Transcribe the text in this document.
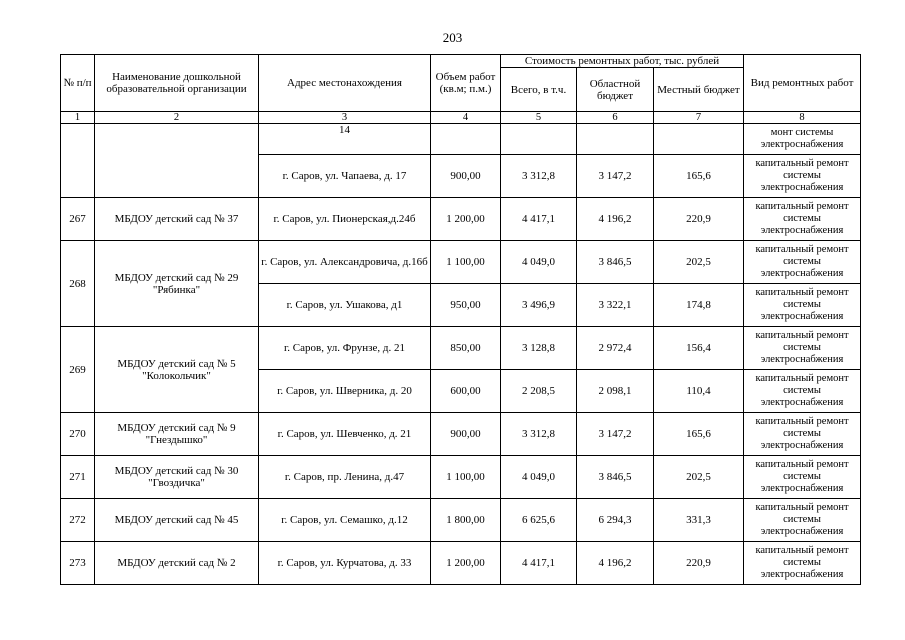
203
№ п/п	Наименование дошкольной образовательной организации	Адрес местонахождения	Объем работ (кв.м; п.м.)	Стоимость ремонтных работ, тыс. рублей			Вид ремонтных работ
				Всего, в т.ч.	Областной бюджет	Местный бюджет	
1	2	3	4	5	6	7	8
		14					монт системы электроснабжения
		г. Саров, ул. Чапаева, д. 17	900,00	3 312,8	3 147,2	165,6	капитальный ремонт системы электроснабжения
267	МБДОУ детский сад № 37	г. Саров, ул. Пионерская,д.24б	1 200,00	4 417,1	4 196,2	220,9	капитальный ремонт системы электроснабжения
268	МБДОУ детский сад № 29 "Рябинка"	г. Саров, ул. Александровича, д.16б	1 100,00	4 049,0	3 846,5	202,5	капитальный ремонт системы электроснабжения
		г. Саров, ул. Ушакова, д1	950,00	3 496,9	3 322,1	174,8	капитальный ремонт системы электроснабжения
269	МБДОУ детский сад № 5 "Колокольчик"	г. Саров, ул. Фрунзе, д. 21	850,00	3 128,8	2 972,4	156,4	капитальный ремонт системы электроснабжения
		г. Саров, ул. Шверника, д. 20	600,00	2 208,5	2 098,1	110,4	капитальный ремонт системы электроснабжения
270	МБДОУ детский сад № 9 "Гнездышко"	г. Саров, ул. Шевченко, д. 21	900,00	3 312,8	3 147,2	165,6	капитальный ремонт системы электроснабжения
271	МБДОУ детский сад № 30 "Гвоздичка"	г. Саров, пр. Ленина, д.47	1 100,00	4 049,0	3 846,5	202,5	капитальный ремонт системы электроснабжения
272	МБДОУ детский сад № 45	г. Саров, ул. Семашко, д.12	1 800,00	6 625,6	6 294,3	331,3	капитальный ремонт системы электроснабжения
273	МБДОУ детский сад № 2	г. Саров, ул. Курчатова, д. 33	1 200,00	4 417,1	4 196,2	220,9	капитальный ремонт системы электроснабжения
